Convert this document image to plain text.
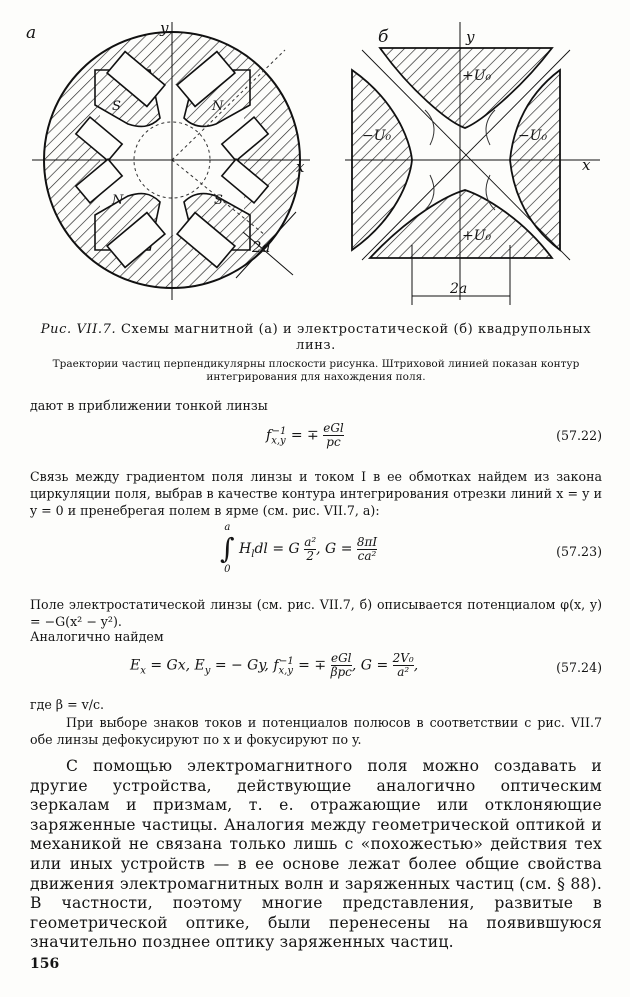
а	y
x
2a
S	N
N	S
б	y
x
2a
+U₀
−U₀	−U₀
+U₀
Рис. VII.7. Схемы магнитной (а) и электростатической (б) квадрупольных линз.
Траектории частиц перпендикулярны плоскости рисунка. Штриховой линией показан контур интегрирования для нахождения поля.
дают в приближении тонкой линзы
$f_{x,y}^{-1}$ = ∓ $\frac{\text{eGl}}{pc}$	(57.22)
Связь между градиентом поля линзы и током I в ее обмотках найдем из закона циркуляции поля, выбрав в качестве контура интегрирования отрезки линий x = y и y = 0 и пренебрегая полем в ярме (см. рис. VII.7, а):
a
∫
0
$H_ldl = G \frac{\text{a²}}{2}$ , $G = \frac{8\pi I}{\text{ca²}}$	(57.23)
Поле электростатической линзы (см. рис. VII.7, б) описывается потенциалом φ(x, y) = −G(x² − y²).
Аналогично найдем
$E_x = Gx$, $E_y$ = − Gy, $f_{x,y}^{-1}$ = ∓ $\frac{\text{eGl}}{\text{βpc}}$ , $G = \frac{\text{2V₀}}{\text{a²}}$ ,	(57.24)
где β = v/c.
При выборе знаков токов и потенциалов полюсов в соответствии с рис. VII.7 обе линзы дефокусируют по x и фокусируют по y.
С помощью электромагнитного поля можно создавать и другие устройства, действующие аналогично оптическим зеркалам и призмам, т. е. отражающие или отклоняющие заряженные частицы. Аналогия между геометрической оптикой и механикой не связана только лишь с «похожестью» действия тех или иных устройств — в ее основе лежат более общие свойства движения электромагнитных волн и заряженных частиц (см. § 88). В частности, поэтому многие представления, развитые в геометрической оптике, были перенесены на появившуюся значительно позднее оптику заряженных частиц.
156
